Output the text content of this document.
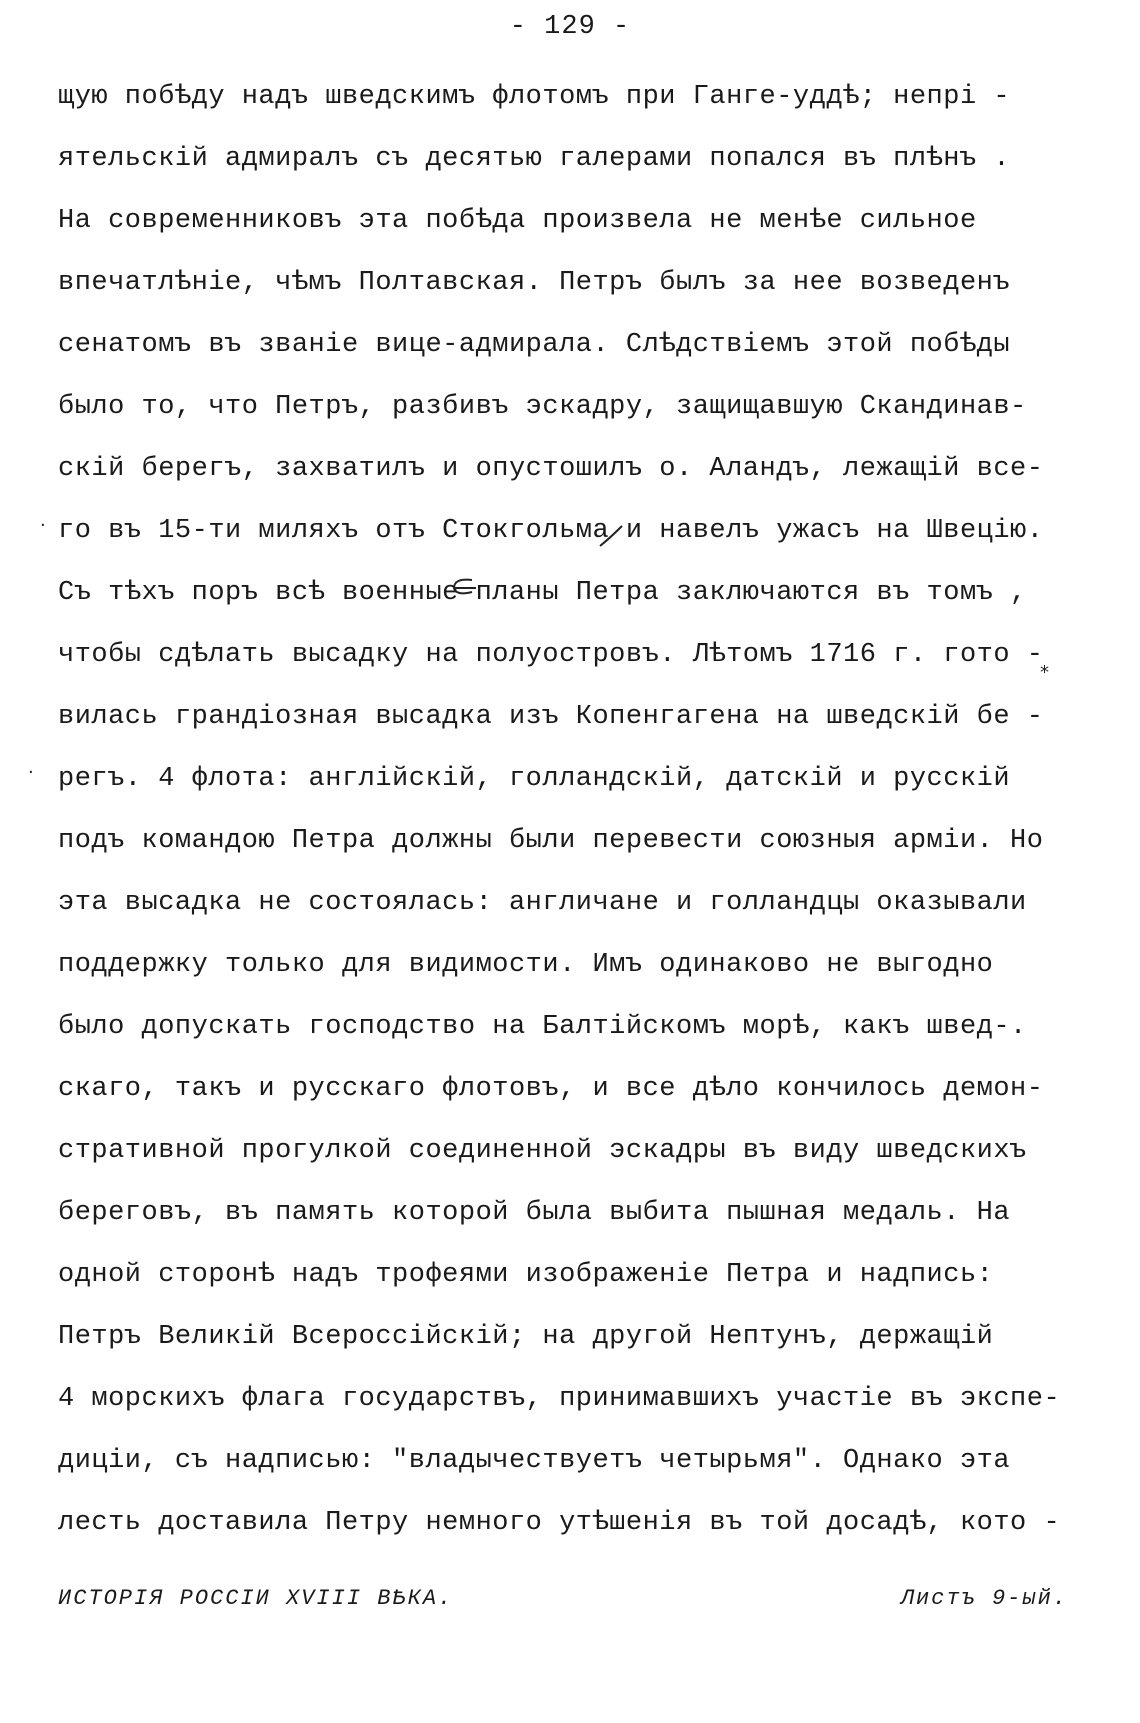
- 129 -
щую побѣду надъ шведскимъ флотомъ при Ганге-уддѣ; непрі -
ятельскій адмиралъ съ десятью галерами попался въ плѣнъ .
На современниковъ эта побѣда произвела не менѣе сильное
впечатлѣніе, чѣмъ Полтавская. Петръ былъ за нее возведенъ
сенатомъ въ званіе вице-адмирала. Слѣдствіемъ этой побѣды
было то, что Петръ, разбивъ эскадру, защищавшую Скандинав-
скій берегъ, захватилъ и опустошилъ о. Аландъ, лежащій все-
го въ 15-ти миляхъ отъ Стокгольма и навелъ ужасъ на Швецію.
Съ тѣхъ поръ всѣ военные планы Петра заключаются въ томъ ,
чтобы сдѣлать высадку на полуостровъ. Лѣтомъ 1716 г. гото -
вилась грандіозная высадка изъ Копенгагена на шведскій бе -
регъ. 4 флота: англійскій, голландскій, датскій и русскій
подъ командою Петра должны были перевести союзныя арміи. Но
эта высадка не состоялась: англичане и голландцы оказывали
поддержку только для видимости. Имъ одинаково не выгодно
было допускать господство на Балтійскомъ морѣ, какъ швед-.
скаго, такъ и русскаго флотовъ, и все дѣло кончилось демон-
стративной прогулкой соединенной эскадры въ виду шведскихъ
береговъ, въ память которой была выбита пышная медаль. На
одной сторонѣ надъ трофеями изображеніе Петра и надпись:
Петръ Великій Всероссійскій; на другой Нептунъ, держащій
4 морскихъ флага государствъ, принимавшихъ участіе въ экспе-
диціи, съ надписью: "владычествуетъ четырьмя". Однако эта
лесть доставила Петру немного утѣшенія въ той досадѣ, кото -
·
·
*
ИСТОРІЯ РОССІИ XVIII ВѢКА.	Листъ 9-ый.
